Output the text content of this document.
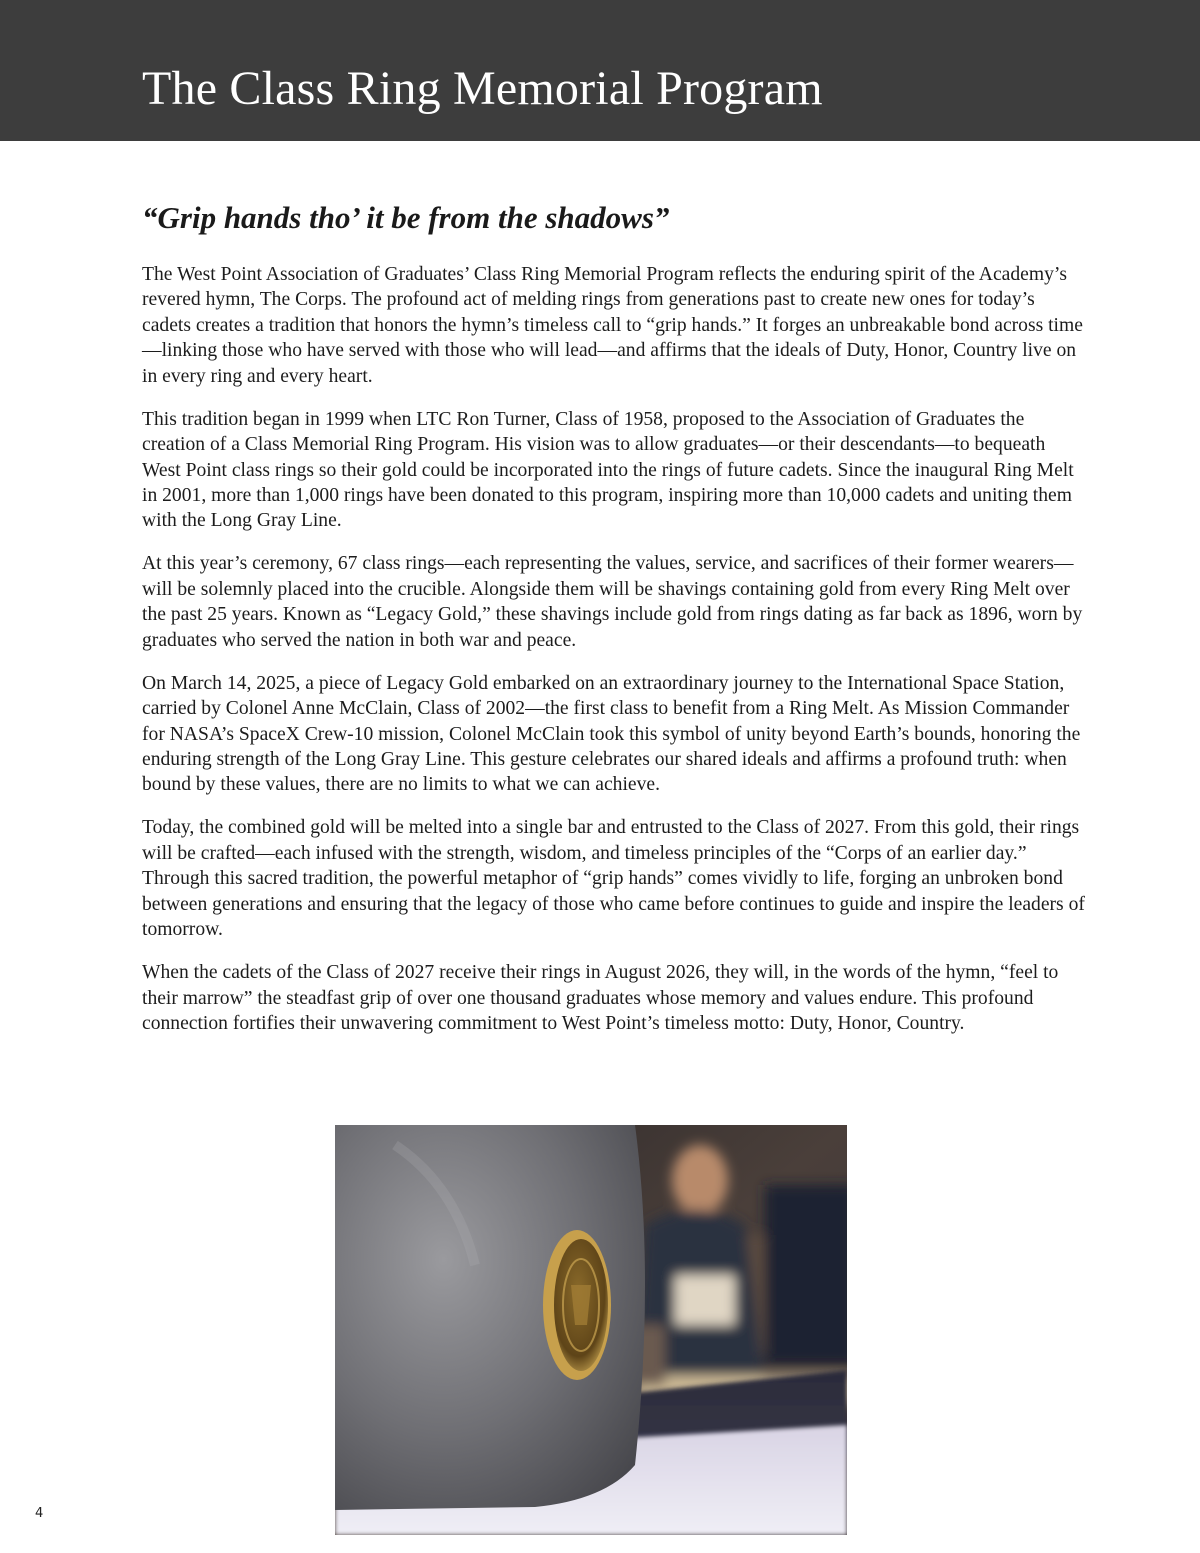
The Class Ring Memorial Program
“Grip hands tho’ it be from the shadows”

The West Point Association of Graduates’ Class Ring Memorial Program reflects the enduring spirit of the Academy’s revered hymn, The Corps. The profound act of melding rings from generations past to create new ones for today’s cadets creates a tradition that honors the hymn’s timeless call to “grip hands.” It forges an unbreakable bond across time—linking those who have served with those who will lead—and affirms that the ideals of Duty, Honor, Country live on in every ring and every heart.

This tradition began in 1999 when LTC Ron Turner, Class of 1958, proposed to the Association of Graduates the creation of a Class Memorial Ring Program. His vision was to allow graduates—or their descendants—to bequeath West Point class rings so their gold could be incorporated into the rings of future cadets. Since the inaugural Ring Melt in 2001, more than 1,000 rings have been donated to this program, inspiring more than 10,000 cadets and uniting them with the Long Gray Line.

At this year’s ceremony, 67 class rings—each representing the values, service, and sacrifices of their former wearers—will be solemnly placed into the crucible. Alongside them will be shavings containing gold from every Ring Melt over the past 25 years. Known as “Legacy Gold,” these shavings include gold from rings dating as far back as 1896, worn by graduates who served the nation in both war and peace.

On March 14, 2025, a piece of Legacy Gold embarked on an extraordinary journey to the International Space Station, carried by Colonel Anne McClain, Class of 2002—the first class to benefit from a Ring Melt. As Mission Commander for NASA’s SpaceX Crew-10 mission, Colonel McClain took this symbol of unity beyond Earth’s bounds, honoring the enduring strength of the Long Gray Line. This gesture celebrates our shared ideals and affirms a profound truth: when bound by these values, there are no limits to what we can achieve.

Today, the combined gold will be melted into a single bar and entrusted to the Class of 2027. From this gold, their rings will be crafted—each infused with the strength, wisdom, and timeless principles of the “Corps of an earlier day.” Through this sacred tradition, the powerful metaphor of “grip hands” comes vividly to life, forging an unbroken bond between generations and ensuring that the legacy of those who came before continues to guide and inspire the leaders of tomorrow.

When the cadets of the Class of 2027 receive their rings in August 2026, they will, in the words of the hymn, “feel to their marrow” the steadfast grip of over one thousand graduates whose memory and values endure. This profound connection fortifies their unwavering commitment to West Point’s timeless motto: Duty, Honor, Country.

4
